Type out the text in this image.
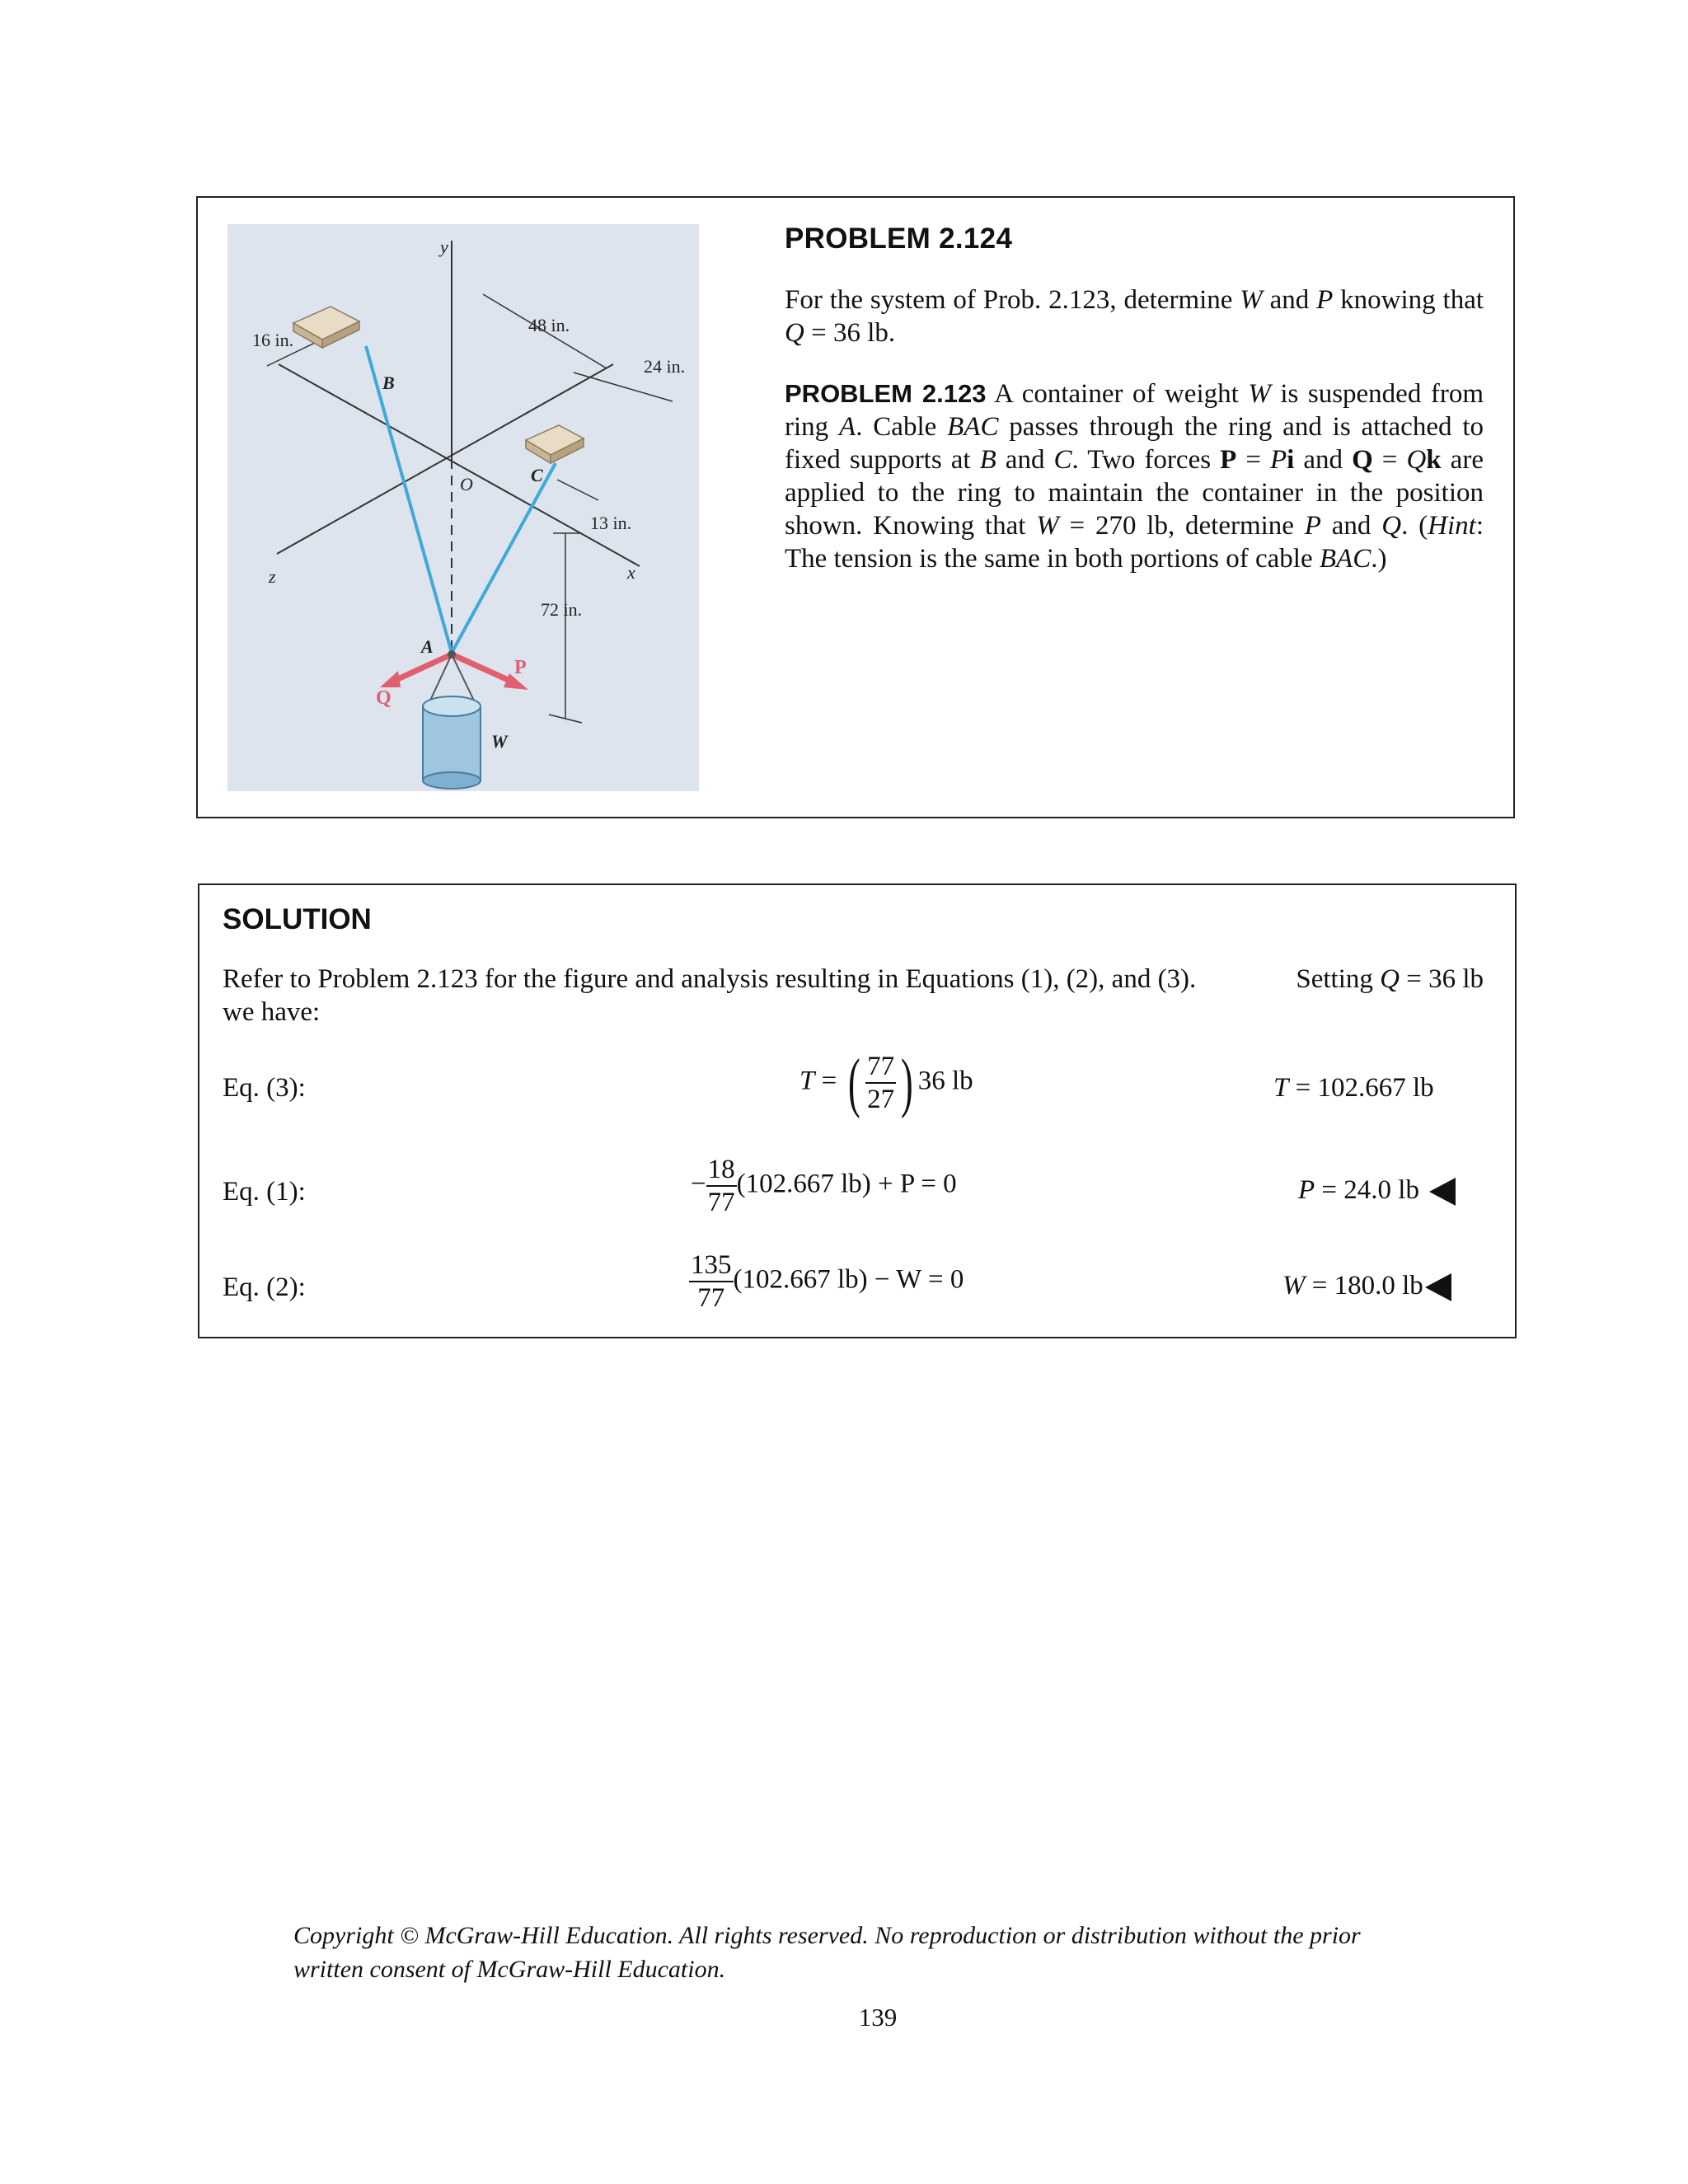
y
x
z
O
A
B
C
P
Q
W
16 in.
48 in.
24 in.
13 in.
72 in.
PROBLEM 2.124

For the system of Prob. 2.123, determine W and P knowing that Q = 36 lb.

PROBLEM 2.123 A container of weight W is suspended from ring A. Cable BAC passes through the ring and is attached to fixed supports at B and C. Two forces P = Pi and Q = Qk are applied to the ring to maintain the container in the position shown. Knowing that W = 270 lb, determine P and Q. (Hint: The tension is the same in both portions of cable BAC.)

SOLUTION
Setting Q = 36 lb
Refer to Problem 2.123 for the figure and analysis resulting in Equations (1), (2), and (3).
we have:
Eq. (3):	T = ( $\frac{77}{27}$ ) 36 lb	T = 102.667 lb
Eq. (1):	− $\frac{18}{77} (102.667$ lb) + P = 0	P = 24.0 lb
Eq. (2):	$\frac{135}{77} (102.667$ lb) − W = 0	W = 180.0 lb
Copyright © McGraw-Hill Education. All rights reserved. No reproduction or distribution without the prior
written consent of McGraw-Hill Education.
139
